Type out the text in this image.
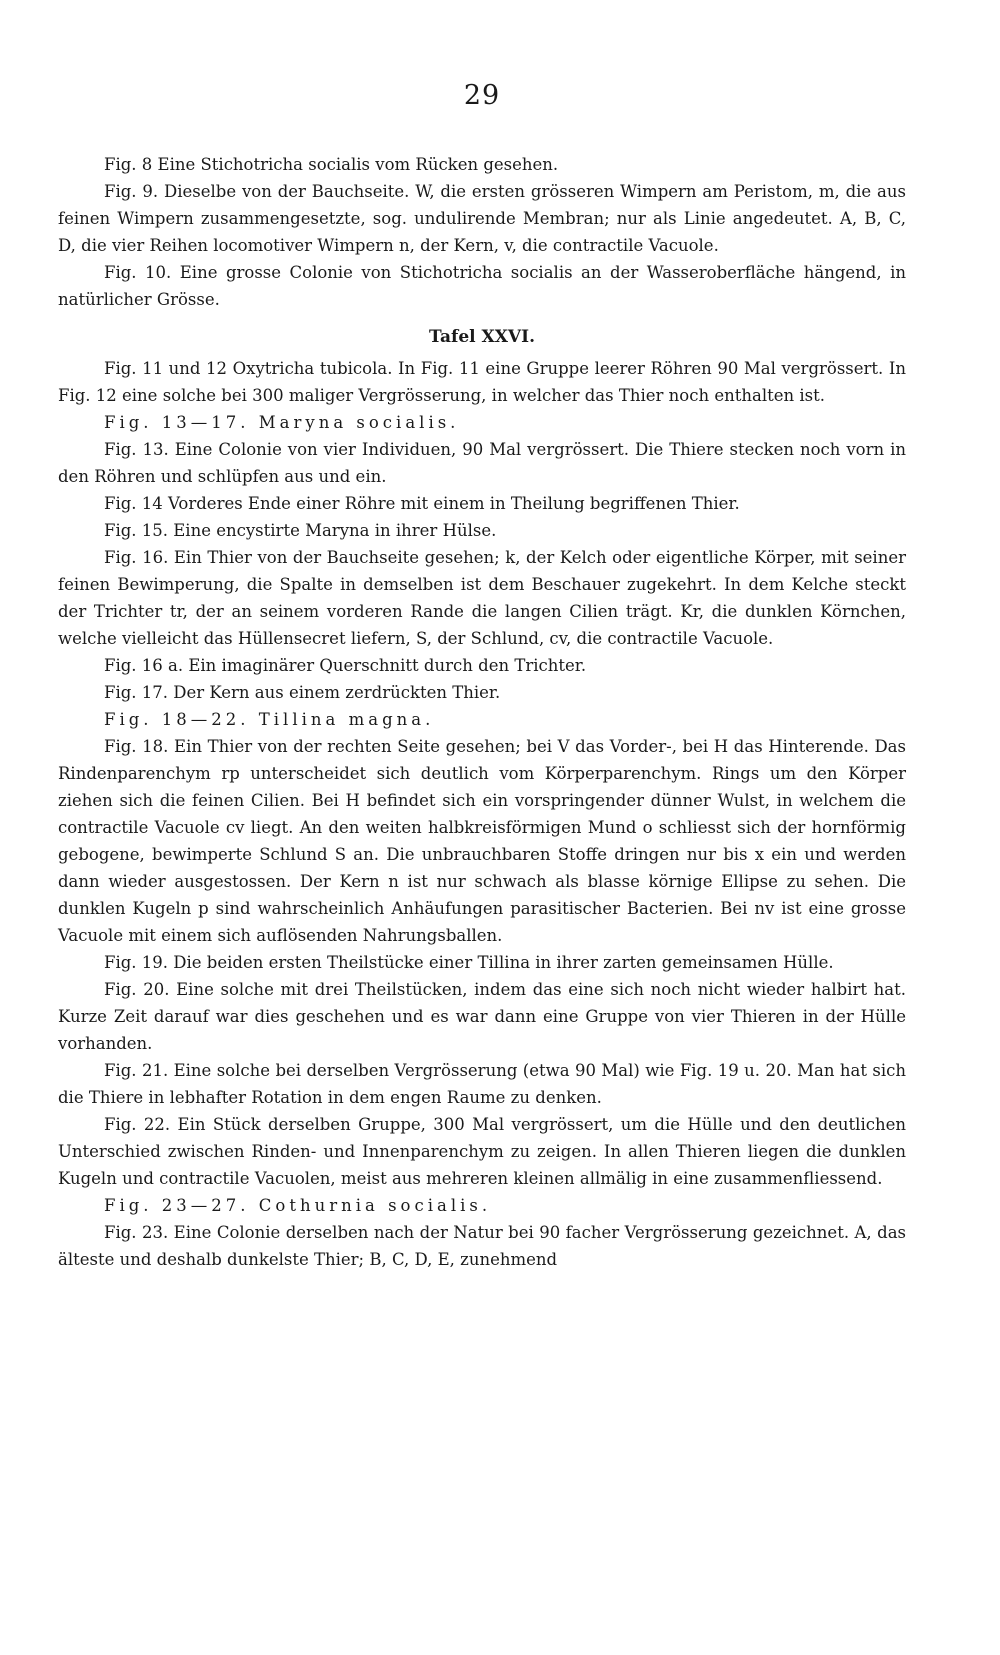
29

Fig. 8 Eine Stichotricha socialis vom Rücken gesehen.

Fig. 9. Dieselbe von der Bauchseite. W, die ersten grösseren Wimpern am Peristom, m, die aus feinen Wimpern zusammengesetzte, sog. undulirende Membran; nur als Linie angedeutet. A, B, C, D, die vier Reihen locomotiver Wimpern n, der Kern, v, die contractile Vacuole.

Fig. 10. Eine grosse Colonie von Stichotricha socialis an der Wasseroberfläche hängend, in natürlicher Grösse.

Tafel XXVI.

Fig. 11 und 12 Oxytricha tubicola. In Fig. 11 eine Gruppe leerer Röhren 90 Mal vergrössert. In Fig. 12 eine solche bei 300 maliger Vergrösserung, in welcher das Thier noch enthalten ist.

Fig. 13—17. Maryna socialis.

Fig. 13. Eine Colonie von vier Individuen, 90 Mal vergrössert. Die Thiere stecken noch vorn in den Röhren und schlüpfen aus und ein.

Fig. 14 Vorderes Ende einer Röhre mit einem in Theilung begriffenen Thier.

Fig. 15. Eine encystirte Maryna in ihrer Hülse.

Fig. 16. Ein Thier von der Bauchseite gesehen; k, der Kelch oder eigentliche Körper, mit seiner feinen Bewimperung, die Spalte in demselben ist dem Beschauer zugekehrt. In dem Kelche steckt der Trichter tr, der an seinem vorderen Rande die langen Cilien trägt. Kr, die dunklen Körnchen, welche vielleicht das Hüllensecret liefern, S, der Schlund, cv, die contractile Vacuole.

Fig. 16 a. Ein imaginärer Querschnitt durch den Trichter.

Fig. 17. Der Kern aus einem zerdrückten Thier.

Fig. 18—22. Tillina magna.

Fig. 18. Ein Thier von der rechten Seite gesehen; bei V das Vorder-, bei H das Hinterende. Das Rindenparenchym rp unterscheidet sich deutlich vom Körperparenchym. Rings um den Körper ziehen sich die feinen Cilien. Bei H befindet sich ein vorspringender dünner Wulst, in welchem die contractile Vacuole cv liegt. An den weiten halbkreisförmigen Mund o schliesst sich der hornförmig gebogene, bewimperte Schlund S an. Die unbrauchbaren Stoffe dringen nur bis x ein und werden dann wieder ausgestossen. Der Kern n ist nur schwach als blasse körnige Ellipse zu sehen. Die dunklen Kugeln p sind wahrscheinlich Anhäufungen parasitischer Bacterien. Bei nv ist eine grosse Vacuole mit einem sich auflösenden Nahrungsballen.

Fig. 19. Die beiden ersten Theilstücke einer Tillina in ihrer zarten gemeinsamen Hülle.

Fig. 20. Eine solche mit drei Theilstücken, indem das eine sich noch nicht wieder halbirt hat. Kurze Zeit darauf war dies geschehen und es war dann eine Gruppe von vier Thieren in der Hülle vorhanden.

Fig. 21. Eine solche bei derselben Vergrösserung (etwa 90 Mal) wie Fig. 19 u. 20. Man hat sich die Thiere in lebhafter Rotation in dem engen Raume zu denken.

Fig. 22. Ein Stück derselben Gruppe, 300 Mal vergrössert, um die Hülle und den deutlichen Unterschied zwischen Rinden- und Innenparenchym zu zeigen. In allen Thieren liegen die dunklen Kugeln und contractile Vacuolen, meist aus mehreren kleinen allmälig in eine zusammenfliessend.

Fig. 23—27. Cothurnia socialis.

Fig. 23. Eine Colonie derselben nach der Natur bei 90 facher Vergrösserung gezeichnet. A, das älteste und deshalb dunkelste Thier; B, C, D, E, zunehmend
